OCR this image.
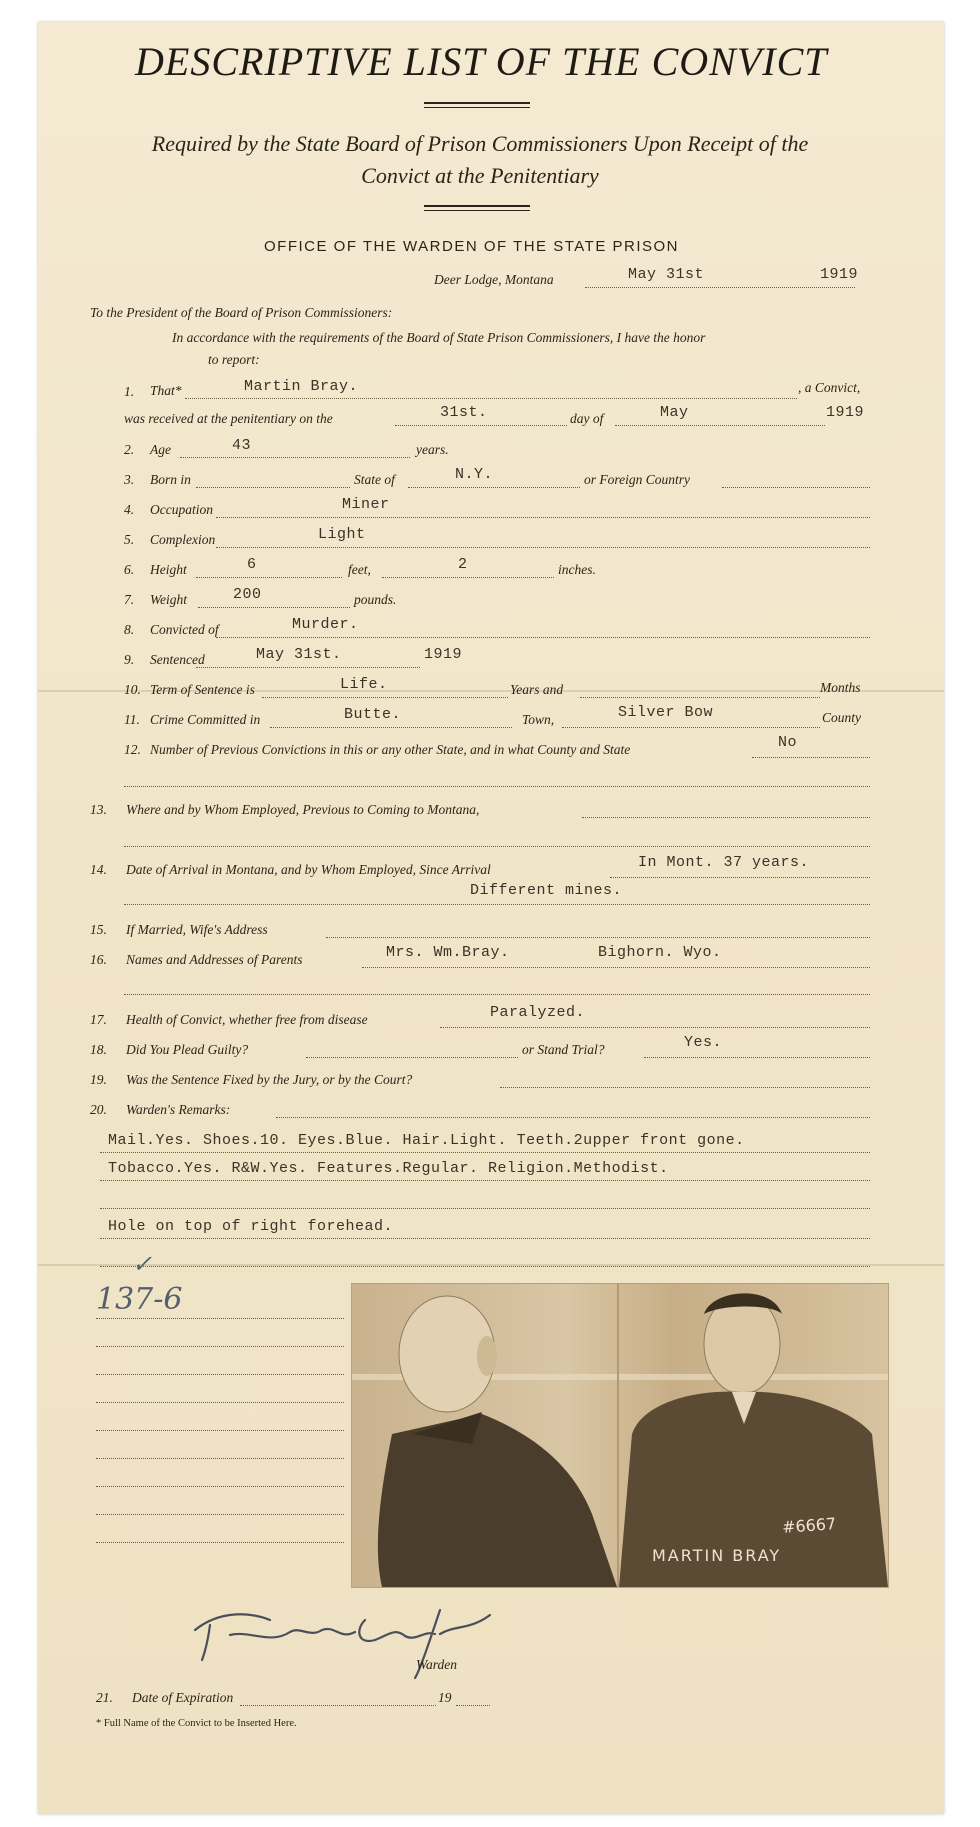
DESCRIPTIVE LIST OF THE CONVICT
Required by the State Board of Prison Commissioners Upon Receipt of the Convict at the Penitentiary
OFFICE OF THE WARDEN OF THE STATE PRISON
Deer Lodge, Montana	May 31st	1919
To the President of the Board of Prison Commissioners:
In accordance with the requirements of the Board of State Prison Commissioners, I have the honor
to report:
1. That*	Martin Bray.	, a Convict,
was received at the penitentiary on the	31st.	day of	May	1919
2. Age	43	years.
3. Born in	State of	N.Y.	or Foreign Country
4. Occupation	Miner
5. Complexion	Light
6. Height	6	feet,	2	inches.
7. Weight	200	pounds.
8. Convicted of	Murder.
9. Sentenced	May 31st.	1919
10. Term of Sentence is	Life.	Years and	Months
11. Crime Committed in	Butte.	Town,	Silver Bow	County
12. Number of Previous Convictions in this or any other State, and in what County and State	No
13. Where and by Whom Employed, Previous to Coming to Montana,
14. Date of Arrival in Montana, and by Whom Employed, Since Arrival	In Mont. 37 years.
Different mines.
15. If Married, Wife's Address
16. Names and Addresses of Parents	Mrs. Wm.Bray.	Bighorn. Wyo.
17. Health of Convict, whether free from disease	Paralyzed.
18. Did You Plead Guilty?	or Stand Trial?	Yes.
19. Was the Sentence Fixed by the Jury, or by the Court?
20. Warden's Remarks:
Mail.Yes. Shoes.10. Eyes.Blue. Hair.Light. Teeth.2upper front gone.
Tobacco.Yes. R&W.Yes. Features.Regular. Religion.Methodist.
Hole on top of right forehead.
✓
137-6
#6667
MARTIN BRAY
Warden
21. Date of Expiration	19
* Full Name of the Convict to be Inserted Here.
